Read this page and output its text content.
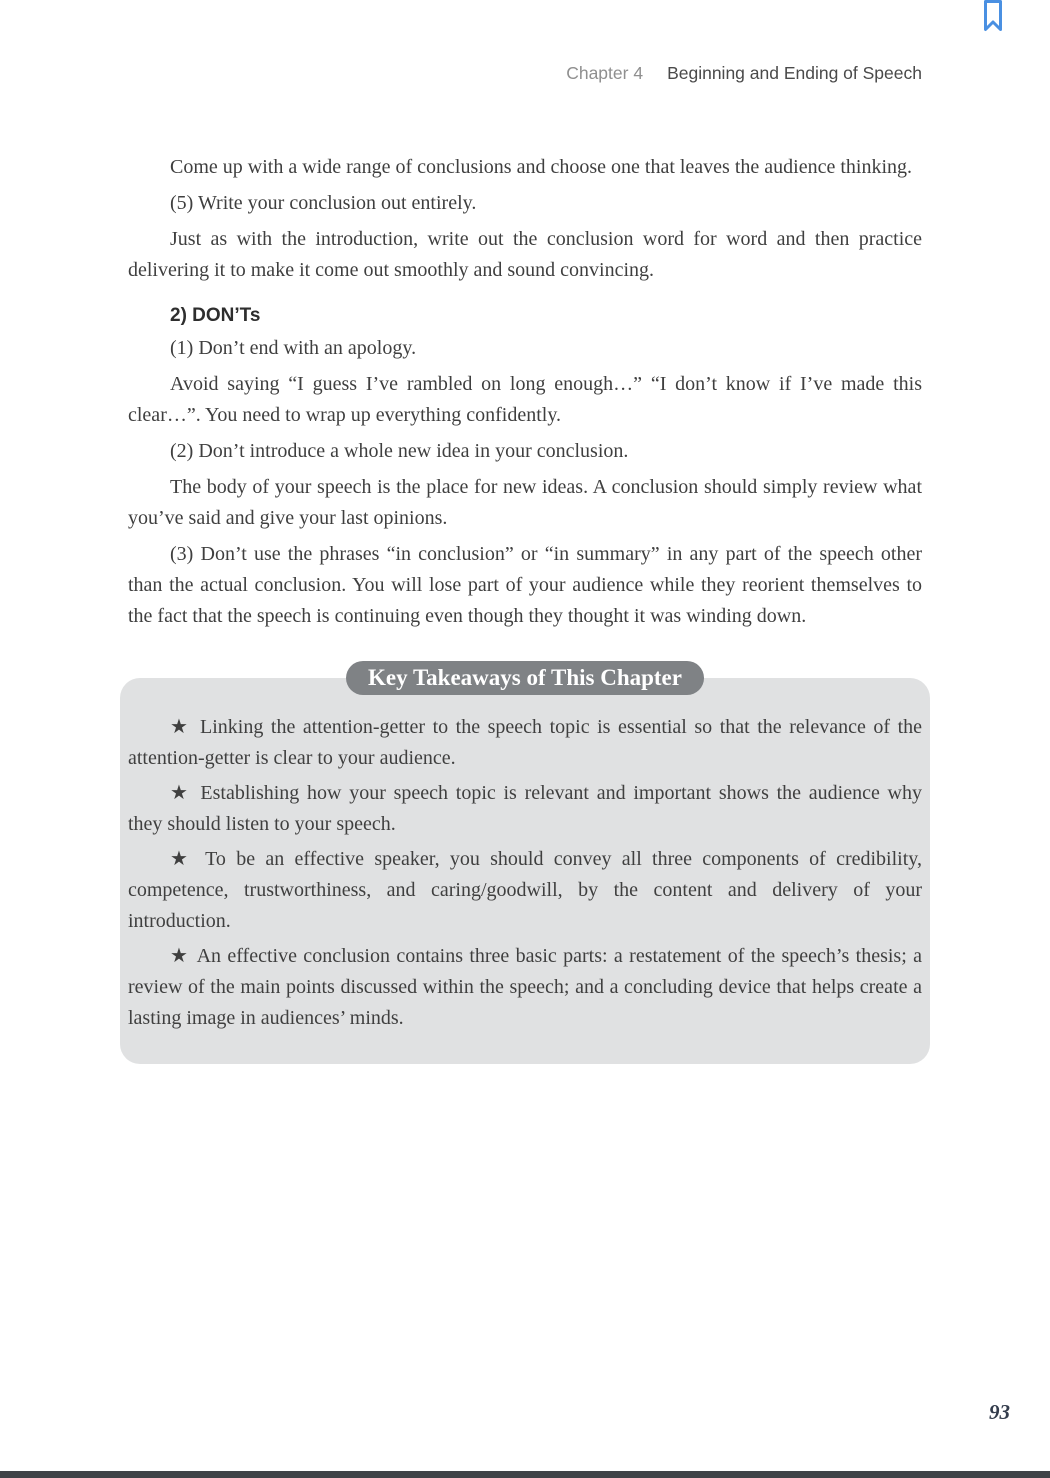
Chapter 4 Beginning and Ending of Speech

Come up with a wide range of conclusions and choose one that leaves the audience thinking.

(5) Write your conclusion out entirely.

Just as with the introduction, write out the conclusion word for word and then practice delivering it to make it come out smoothly and sound convincing.

2) DON’Ts

(1) Don’t end with an apology.

Avoid saying “I guess I’ve rambled on long enough…” “I don’t know if I’ve made this clear…”. You need to wrap up everything confidently.

(2) Don’t introduce a whole new idea in your conclusion.

The body of your speech is the place for new ideas. A conclusion should simply review what you’ve said and give your last opinions.

(3) Don’t use the phrases “in conclusion” or “in summary” in any part of the speech other than the actual conclusion. You will lose part of your audience while they reorient themselves to the fact that the speech is continuing even though they thought it was winding down.

Key Takeaways of This Chapter

★ Linking the attention-getter to the speech topic is essential so that the relevance of the attention-getter is clear to your audience.

★ Establishing how your speech topic is relevant and important shows the audience why they should listen to your speech.

★ To be an effective speaker, you should convey all three components of credibility, competence, trustworthiness, and caring/goodwill, by the content and delivery of your introduction.

★ An effective conclusion contains three basic parts: a restatement of the speech’s thesis; a review of the main points discussed within the speech; and a concluding device that helps create a lasting image in audiences’ minds.

93
